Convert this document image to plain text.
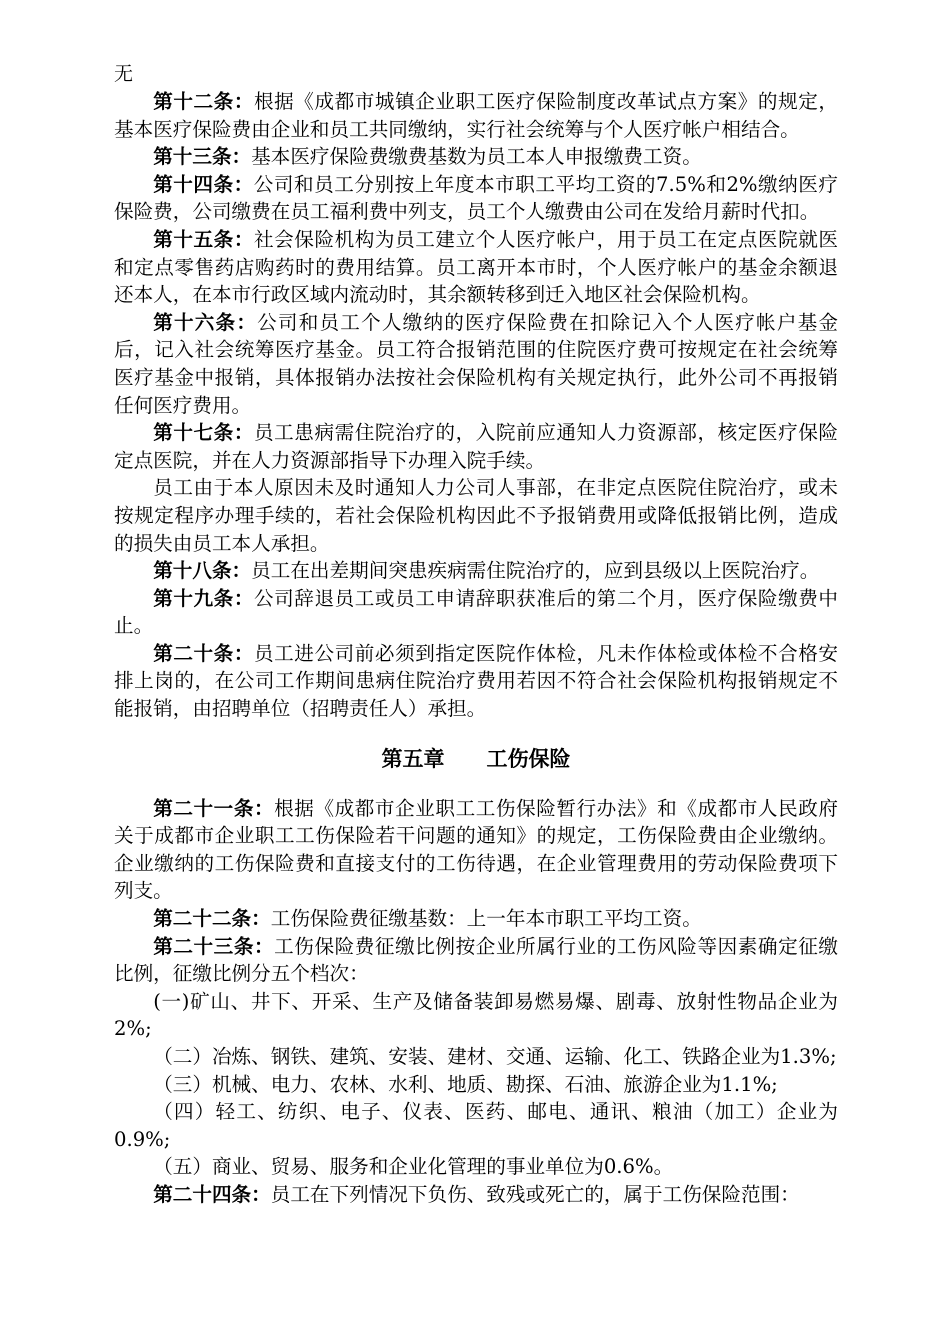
无

第十二条：根据《成都市城镇企业职工医疗保险制度改革试点方案》的规定，基本医疗保险费由企业和员工共同缴纳，实行社会统筹与个人医疗帐户相结合。

第十三条：基本医疗保险费缴费基数为员工本人申报缴费工资。

第十四条：公司和员工分别按上年度本市职工平均工资的7.5%和2%缴纳医疗保险费，公司缴费在员工福利费中列支，员工个人缴费由公司在发给月薪时代扣。

第十五条：社会保险机构为员工建立个人医疗帐户，用于员工在定点医院就医和定点零售药店购药时的费用结算。员工离开本市时，个人医疗帐户的基金余额退还本人，在本市行政区域内流动时，其余额转移到迁入地区社会保险机构。

第十六条：公司和员工个人缴纳的医疗保险费在扣除记入个人医疗帐户基金后，记入社会统筹医疗基金。员工符合报销范围的住院医疗费可按规定在社会统筹医疗基金中报销，具体报销办法按社会保险机构有关规定执行，此外公司不再报销任何医疗费用。

第十七条：员工患病需住院治疗的，入院前应通知人力资源部，核定医疗保险定点医院，并在人力资源部指导下办理入院手续。

员工由于本人原因未及时通知人力公司人事部，在非定点医院住院治疗，或未按规定程序办理手续的，若社会保险机构因此不予报销费用或降低报销比例，造成的损失由员工本人承担。

第十八条：员工在出差期间突患疾病需住院治疗的，应到县级以上医院治疗。

第十九条：公司辞退员工或员工申请辞职获准后的第二个月，医疗保险缴费中止。

第二十条：员工进公司前必须到指定医院作体检，凡未作体检或体检不合格安排上岗的，在公司工作期间患病住院治疗费用若因不符合社会保险机构报销规定不能报销，由招聘单位（招聘责任人）承担。

第五章　　工伤保险

第二十一条：根据《成都市企业职工工伤保险暂行办法》和《成都市人民政府关于成都市企业职工工伤保险若干问题的通知》的规定，工伤保险费由企业缴纳。企业缴纳的工伤保险费和直接支付的工伤待遇，在企业管理费用的劳动保险费项下列支。

第二十二条：工伤保险费征缴基数：上一年本市职工平均工资。

第二十三条：工伤保险费征缴比例按企业所属行业的工伤风险等因素确定征缴比例，征缴比例分五个档次：

(一)矿山、井下、开采、生产及储备装卸易燃易爆、剧毒、放射性物品企业为2%;

（二）冶炼、钢铁、建筑、安装、建材、交通、运输、化工、铁路企业为1.3%;

（三）机械、电力、农林、水利、地质、勘探、石油、旅游企业为1.1%;

（四）轻工、纺织、电子、仪表、医药、邮电、通讯、粮油（加工）企业为0.9%;

（五）商业、贸易、服务和企业化管理的事业单位为0.6%。

第二十四条：员工在下列情况下负伤、致残或死亡的，属于工伤保险范围：
